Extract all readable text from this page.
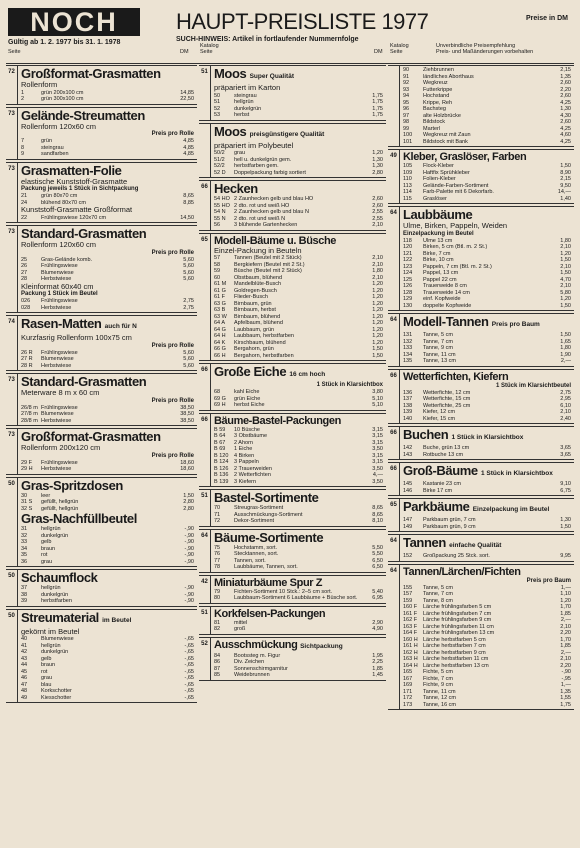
NOCH
Gültig ab 1. 2. 1977 bis 31. 1. 1978
HAUPT-PREISLISTE 1977	Preise in DM
SUCH-HINWEIS: Artikel in fortlaufender Nummernfolge
Seite	DM
Katalog
Seite	DM
Katalog
Seite
Unverbindliche Preisempfehlung
Preis- und Maßänderungen vorbehalten
72 Großformat-Grasmatten
Rollenform
1	grün 200x100 cm	14,85
2	grün 300x100 cm	22,50
73 Gelände-Streumatten
Rollenform 120x60 cm
Preis pro Rolle
7	grün	4,85
8	steingrau	4,85
9	sandfarben	4,85
73 Grasmatten-Folie
elastische Kunststoff-Grasmatte
Packung jeweils 1 Stück in Sichtpackung
21	grün 80x70 cm	8,65
24	blühend 80x70 cm	8,85
Kunststoff-Grasmatte Großformat
22	Frühlingswiese 120x70 cm	14,50
73 Standard-Grasmatten
Rollenform 120x60 cm
Preis pro Rolle
25	Gras-Gelände komb.	5,60
26	Frühlingswiese	5,60
27	Blumenwiese	5,60
28	Herbstwiese	5,60
Kleinformat 60x40 cm
Packung 1 Stück im Beutel
026	Frühlingswiese	2,75
028	Herbstwiese	2,75
74 Rasen-Matten auch für N
Kurzfasrig Rollenform 100x75 cm
Preis pro Rolle
26 R	Frühlingswiese	5,60
27 R	Blumenwiese	5,60
28 R	Herbstwiese	5,60
73 Standard-Grasmatten
Meterware 8 m x 60 cm
Preis pro Rolle
26/8 m Frühlingswiese	38,50
27/8 m Blumenwiese	38,50
28/8 m Herbstwiese	38,50
73 Großformat-Grasmatten
Rollenform 200x120 cm
Preis pro Rolle
29 F	Frühlingswiese	18,60
29 H	Herbstwiese	18,60
50 Gras-Spritzdosen
30	leer	1,50
31 S	gefüllt, hellgrün	2,80
32 S	gefüllt, hellgrün	2,80
Gras-Nachfüllbeutel
31	hellgrün	-,90
32	dunkelgrün	-,90
33	gelb	-,90
34	braun	-,90
35	rot	-,90
36	grau	-,90
50 Schaumflock
37	hellgrün	-,90
38	dunkelgrün	-,90
39	herbstfarben	-,90
50 Streumaterial im Beutel
gekörnt im Beutel
40	Blumenwiese	-,65
41	hellgrün	-,65
42	dunkelgrün	-,65
43	gelb	-,65
44	braun	-,65
45	rot	-,65
46	grau	-,65
47	blau	-,65
48	Korkschotter	-,65
49	Kiesschotter	-,65
51 Moos Super Qualität
präpariert im Karton
50	steingrau	1,75
51	hellgrün	1,75
52	dunkelgrün	1,75
53	herbst	1,75
Moos preisgünstigere Qualität
präpariert im Polybeutel
50/2	grau	1,20
51/2	hell u. dunkelgrün gem.	1,30
52/2	herbstfarben gem.	1,30
52 D	Doppelpackung farbig sortiert	2,80
66 Hecken
54 HO 2 Zaunhecken gelb und blau HO	2,60
55 HO 2 dto. rot und weiß HO	2,60
54 N	2 Zaunhecken gelb und blau N	2,55
55 N	2 dto. rot und weiß N	2,55
56	3 blühende Gartenhecken	2,10
65 Modell-Bäume u. Büsche
Einzel-Packung in Beuteln
57	Tannen (Beutel mit 2 Stück)	2,10
58	Bergkiefern (Beutel mit 2 St.)	2,10
59	Büsche (Beutel mit 2 Stück)	1,80
60	Obstbaum, blühend	2,10
61 M	Mandelblüte-Busch	1,20
61 G	Goldregen-Busch	1,20
61 F	Flieder-Busch	1,20
63 G	Birnbaum, grün	1,20
63 B	Birnbaum, herbst	1,20
63 W	Birnbaum, blühend	1,20
64 A	Apfelbaum, blühend	1,20
64 G	Laubbaum, grün	1,20
64 H	Laubbaum, herbstfarben	1,20
64 K	Kirschbaum, blühend	1,20
66 G	Bergahorn, grün	1,50
66 H	Bergahorn, herbstfarben	1,50
66 Große Eiche 16 cm hoch
1 Stück in Klarsichtbox
68	kahl Eiche	3,80
69 G	grün Eiche	5,10
69 H	herbst Eiche	5,10
66 Bäume-Bastel-Packungen
B 59	10 Büsche	3,15
B 64	3 Obstbäume	3,15
B 67	2 Ahorn	3,15
B 69	1 Eiche	3,50
B 120	4 Birken	3,15
B 124	3 Pappeln	3,15
B 126	2 Trauerweiden	3,50
B 136	2 Wetterfichten	4,—
B 139	3 Kiefern	3,50
51 Bastel-Sortimente
70	Streugras-Sortiment	8,65
71	Ausschmückungs-Sortiment	8,65
72	Dekor-Sortiment	8,10
64 Bäume-Sortimente
75	Hochstamm, sort.	5,50
76	Stecktannen, sort.	5,50
77	Tannen, sort.	6,50
78	Laubbäume, Tannen, sort.	6,50
42 Miniaturbäume Spur Z
79	Fichten-Sortiment 10 Stck.: 2–5 cm sort.	5,40
80	Laubbaum-Sortiment 6 Laubbäume + Büsche sort.	6,95
51 Korkfelsen-Packungen
81	mittel	2,90
82	groß	4,90
52 Ausschmückung Sichtpackung
84	Bootssteg m. Figur	1,95
86	Div. Zeichen	2,25
87	Sonnenschirmgarnitur	1,85
85	Weidebrunnen	1,45
90	Ziehbrunnen	2,15
91	ländliches Aborthaus	1,35
92	Wegkreuz	2,60
93	Futterkrippe	2,20
94	Hochstand	2,60
95	Krippe, Reh	4,25
96	Bachsteg	1,30
97	alte Holzbrücke	4,30
98	Bildstock	2,60
99	Marterl	4,25
100	Wegkreuz mit Zaun	4,60
101	Bildstock mit Bank	4,25
49 Kleber, Graslöser, Farben
105	Flock-Kleber	1,50
109	Haftfix Sprühkleber	8,90
110	Folien-Kleber	2,15
113	Gelände-Farben-Sortiment	9,50
114	Farb-Palette mit 6 Dekorfarb.	14,—
115	Graslöser	1,40
64 Laubbäume
Ulme, Birken, Pappeln, Weiden
Einzelpackung im Beutel
118	Ulme 13 cm	1,80
120	Birken, 5 cm (Btl. m. 2 St.)	2,10
121	Birke, 7 cm	1,20
122	Birke, 10 cm	1,50
123	Pappeln, 7 cm (Btl. m. 2 St.)	2,10
124	Pappel, 13 cm	1,50
125	Pappel 22 cm	4,70
126	Trauerweide 8 cm	2,10
128	Trauerweide 14 cm	5,80
129	einf. Kopfweide	1,20
130	doppelte Kopfweide	1,50
64 Modell-Tannen Preis pro Baum
131	Tanne, 5 cm	1,50
132	Tanne, 7 cm	1,65
133	Tanne, 9 cm	1,80
134	Tanne, 11 cm	1,90
135	Tanne, 13 cm	2,—
66 Wetterfichten, Kiefern
1 Stück im Klarsichtbeutel
136	Wetterfichte, 12 cm	2,75
137	Wetterfichte, 15 cm	2,95
138	Wetterfichte, 25 cm	6,10
139	Kiefer, 12 cm	2,10
140	Kiefer, 15 cm	2,40
66 Buchen 1 Stück in Klarsichtbox
142	Buche, grün 13 cm	3,65
143	Rotbuche 13 cm	3,65
66 Groß-Bäume 1 Stück in Klarsichtbox
145	Kastanie 23 cm	9,10
146	Birke 17 cm	6,75
65 Parkbäume Einzelpackung im Beutel
147	Parkbaum grün, 7 cm	1,30
149	Parkbaum grün, 9 cm	1,50
64 Tannen einfache Qualität
152	Großpackung 25 Stck. sort.	9,95
64 Tannen/Lärchen/Fichten
Preis pro Baum
155	Tanne, 5 cm	1,—
157	Tanne, 7 cm	1,10
159	Tanne, 8 cm	1,20
160 F	Lärche frühlingsfarben 5 cm	1,70
161 F	Lärche frühlingsfarben 7 cm	1,85
162 F	Lärche frühlingsfarben 9 cm	2,—
163 F	Lärche frühlingsfarben 11 cm	2,10
164 F	Lärche frühlingsfarben 13 cm	2,20
160 H Lärche herbstfarben 5 cm	1,70
161 H Lärche herbstfarben 7 cm	1,85
162 H Lärche herbstfarben 9 cm	2,—
163 H Lärche herbstfarben 11 cm	2,10
164 H Lärche herbstfarben 13 cm	2,20
165	Fichte, 5 cm	-,90
167	Fichte, 7 cm	-,95
169	Fichte, 9 cm	1,—
171	Tanne, 11 cm	1,35
172	Tanne, 12 cm	1,55
173	Tanne, 16 cm	1,75
